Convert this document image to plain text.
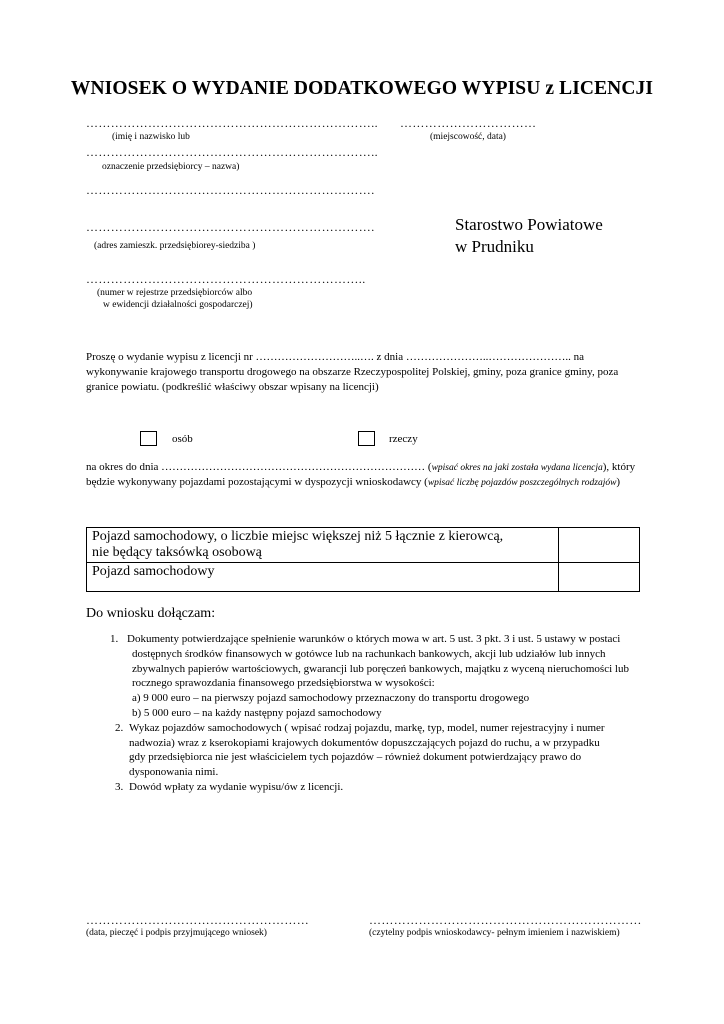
WNIOSEK O WYDANIE DODATKOWEGO WYPISU z LICENCJI
……………………………………………………………..
(imię i nazwisko lub
……………………………………………………………..
oznaczenie przedsiębiorcy – nazwa)
…………………………………………………………….
…………………………………………………………….
(adres zamieszk. przedsiębiorey-siedziba )
…………………………………………………………..
(numer w rejestrze przedsiębiorców albo
w ewidencji działalności gospodarczej)
……………………………
(miejscowość, data)
Starostwo Powiatowe
w Prudniku
Proszę o wydanie wypisu z licencji nr ………………………..…. z dnia …………………..………………….. na
wykonywanie krajowego transportu drogowego na obszarze Rzeczypospolitej Polskiej, gminy, poza granice gminy, poza
granice powiatu. (podkreślić właściwy obszar wpisany na licencji)
osób	rzeczy
na okres do dnia ……………………………………………………………… (wpisać okres na jaki została wydana licencja), który
będzie wykonywany pojazdami pozostającymi w dyspozycji wnioskodawcy (wpisać liczbę pojazdów poszczególnych rodzajów)
Pojazd samochodowy, o liczbie miejsc większej niż 5 łącznie z kierowcą,
nie będący taksówką osobową	

Pojazd samochodowy	

Do wniosku dołączam:
1. Dokumenty potwierdzające spełnienie warunków o których mowa w art. 5 ust. 3 pkt. 3 i ust. 5 ustawy w postaci
dostępnych środków finansowych w gotówce lub na rachunkach bankowych, akcji lub udziałów lub innych
zbywalnych papierów wartościowych, gwarancji lub poręczeń bankowych, majątku z wyceną nieruchomości lub
rocznego sprawozdania finansowego przedsiębiorstwa w wysokości:
a) 9 000 euro – na pierwszy pojazd samochodowy przeznaczony do transportu drogowego
b) 5 000 euro – na każdy następny pojazd samochodowy
2. Wykaz pojazdów samochodowych ( wpisać rodzaj pojazdu, markę, typ, model, numer rejestracyjny i numer
nadwozia) wraz z kserokopiami krajowych dokumentów dopuszczających pojazd do ruchu, a w przypadku
gdy przedsiębiorca nie jest właścicielem tych pojazdów – również dokument potwierdzający prawo do
dysponowania nimi.
3. Dowód wpłaty za wydanie wypisu/ów z licencji.
………………………………………………
(data, pieczęć i podpis przyjmującego wniosek)
…………………………………………………………
(czytelny podpis wnioskodawcy- pełnym imieniem i nazwiskiem)
